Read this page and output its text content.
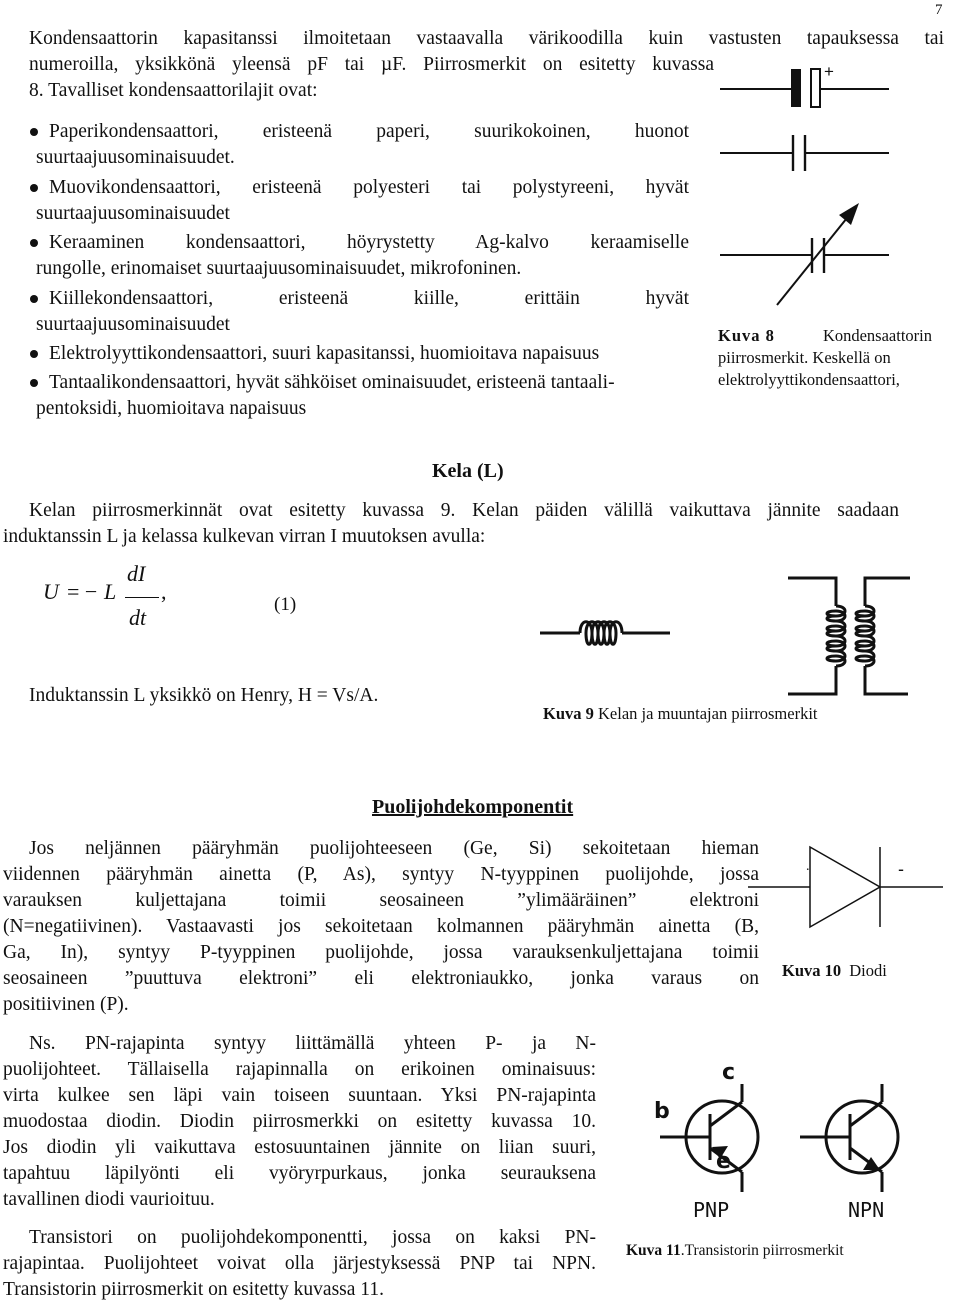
7

Kondensaattorin kapasitanssi ilmoitetaan vastaavalla värikoodilla kuin vastusten tapauksessa tai

numeroilla, yksikkönä yleensä pF tai µF. Piirrosmerkit on esitetty kuvassa

8. Tavalliset kondensaattorilajit ovat:

Paperikondensaattori, eristeenä paperi, suurikokoinen, huonot
suurtaajuusominaisuudet.
Muovikondensaattori, eristeenä polyesteri tai polystyreeni, hyvät
suurtaajuusominaisuudet
Keraaminen kondensaattori, höyrystetty Ag-kalvo keraamiselle
rungolle, erinomaiset suurtaajuusominaisuudet, mikrofoninen.
Kiillekondensaattori, eristeenä kiille, erittäin hyvät
suurtaajuusominaisuudet
Elektrolyyttikondensaattori, suuri kapasitanssi, huomioitava napaisuus
Tantaalikondensaattori, hyvät sähköiset ominaisuudet, eristeenä tantaali-
pentoksidi, huomioitava napaisuus
+
Kuva 8	Kondensaattorin
piirrosmerkit. Keskellä on
elektrolyyttikondensaattori,
Kela (L)

Kelan piirrosmerkinnät ovat esitetty kuvassa 9. Kelan päiden välillä vaikuttava jännite saadaan

induktanssin L ja kelassa kulkevan virran I muutoksen avulla:

U = − L
dI
dt
,
(1)

Induktanssin L yksikkö on Henry, H = Vs/A.

Kuva 9 Kelan ja muuntajan piirrosmerkit
Puolijohdekomponentit

Jos neljännen pääryhmän puolijohteeseen (Ge, Si) sekoitetaan hieman

viidennen pääryhmän ainetta (P, As), syntyy N-tyyppinen puolijohde, jossa

varauksen kuljettajana toimii seosaineen ”ylimääräinen” elektroni

(N=negatiivinen). Vastaavasti jos sekoitetaan kolmannen pääryhmän ainetta (B,

Ga, In), syntyy P-tyyppinen puolijohde, jossa varauksenkuljettajana toimii

seosaineen ”puuttuva elektroni” eli elektroniaukko, jonka varaus on

positiivinen (P).

.	-
Kuva 10 Diodi

Ns. PN-rajapinta syntyy liittämällä yhteen P- ja N-

puolijohteet. Tällaisella rajapinnalla on erikoinen ominaisuus:

virta kulkee sen läpi vain toiseen suuntaan. Yksi PN-rajapinta

muodostaa diodin. Diodin piirrosmerkki on esitetty kuvassa 10.

Jos diodin yli vaikuttava estosuuntainen jännite on liian suuri,

tapahtuu läpilyönti eli vyöryrpurkaus, jonka seurauksena

tavallinen diodi vaurioituu.

Transistori on puolijohdekomponentti, jossa on kaksi PN-

rajapintaa. Puolijohteet voivat olla järjestyksessä PNP tai NPN.

Transistorin piirrosmerkit on esitetty kuvassa 11.

c
b
e
PNP	NPN
Kuva 11.Transistorin piirrosmerkit
